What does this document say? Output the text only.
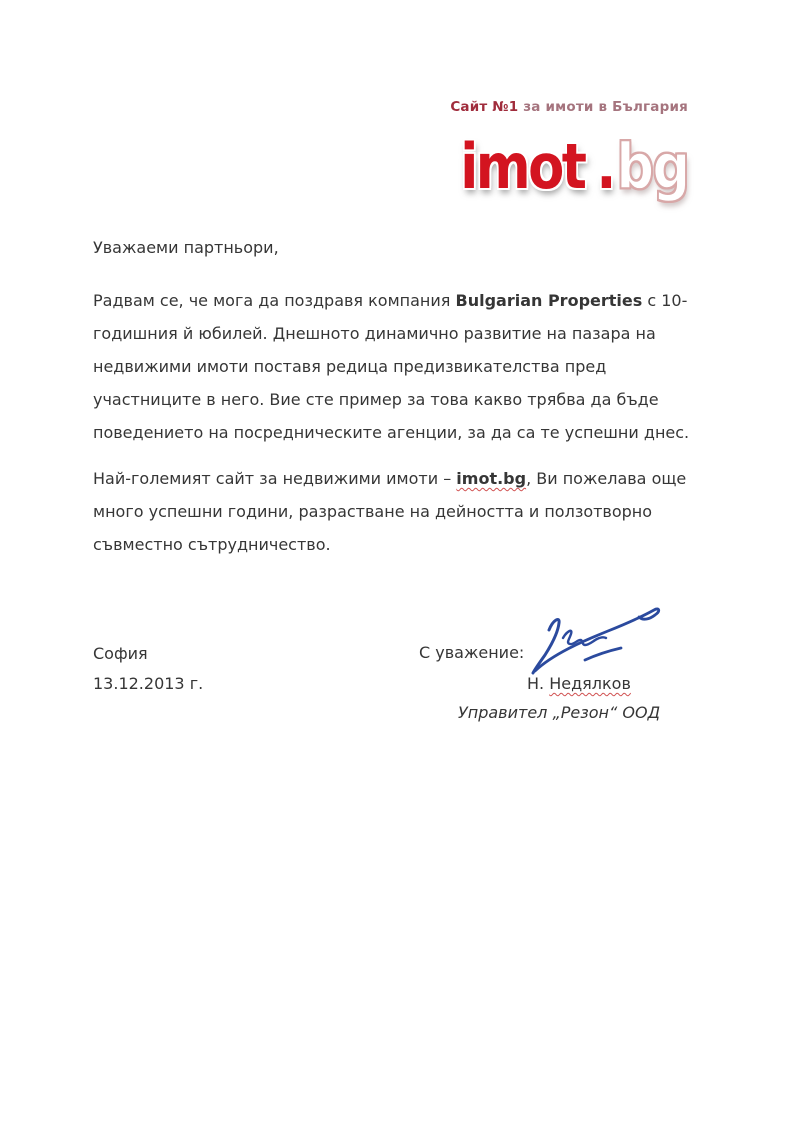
Сайт №1 за имоти в България

imot .bg
Уважаеми партньори,
Радвам се, че мога да поздравя компания Bulgarian Properties с 10-
годишния й юбилей. Днешното динамично развитие на пазара на
недвижими имоти поставя редица предизвикателства пред
участниците в него. Вие сте пример за това какво трябва да бъде
поведението на посредническите агенции, за да са те успешни днес.
Най-големият сайт за недвижими имоти – imot.bg, Ви пожелава още
много успешни години, разрастване на дейността и ползотворно
съвместно сътрудничество.
София
13.12.2013 г.
С уважение:
Н. Недялков
Управител „Резон“ ООД
